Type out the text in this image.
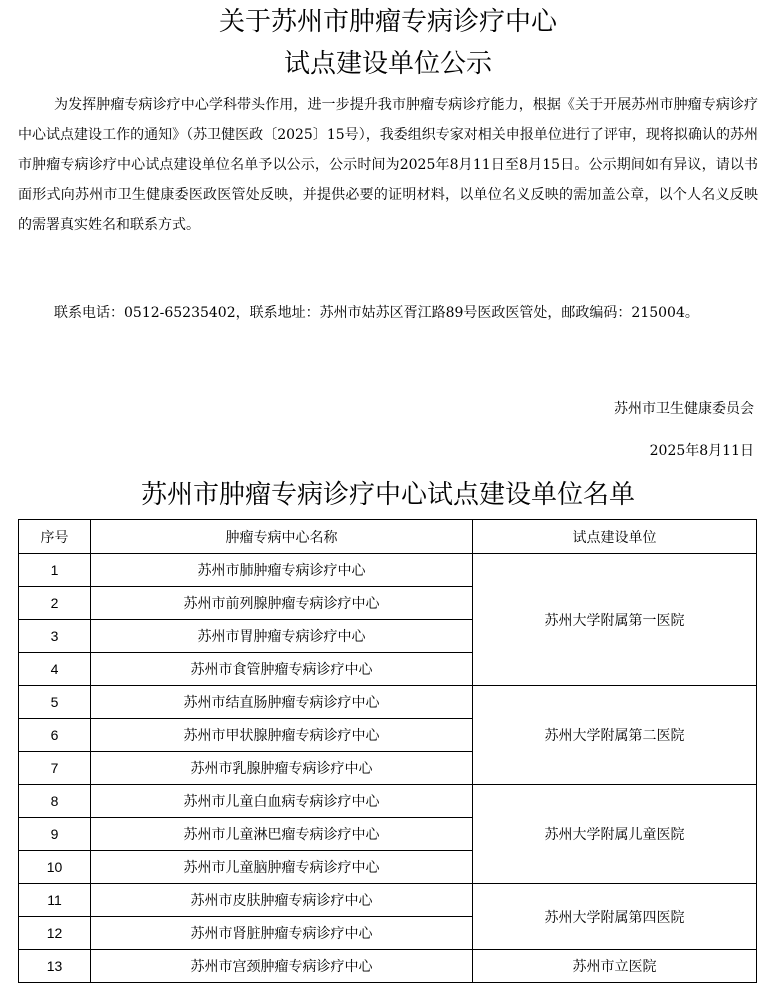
关于苏州市肿瘤专病诊疗中心
试点建设单位公示

为发挥肿瘤专病诊疗中心学科带头作用，进一步提升我市肿瘤专病诊疗能力，根据《关于开展苏州市肿瘤专病诊疗中心试点建设工作的通知》（苏卫健医政〔2025〕15号），我委组织专家对相关申报单位进行了评审，现将拟确认的苏州市肿瘤专病诊疗中心试点建设单位名单予以公示，公示时间为2025年8月11日至8月15日。公示期间如有异议，请以书面形式向苏州市卫生健康委医政医管处反映，并提供必要的证明材料，以单位名义反映的需加盖公章，以个人名义反映的需署真实姓名和联系方式。

联系电话：0512-65235402，联系地址：苏州市姑苏区胥江路89号医政医管处，邮政编码：215004。

苏州市卫生健康委员会

2025年8月11日

苏州市肿瘤专病诊疗中心试点建设单位名单
序号	肿瘤专病中心名称	试点建设单位
1	苏州市肺肿瘤专病诊疗中心	苏州大学附属第一医院
2	苏州市前列腺肿瘤专病诊疗中心	
3	苏州市胃肿瘤专病诊疗中心	
4	苏州市食管肿瘤专病诊疗中心	
5	苏州市结直肠肿瘤专病诊疗中心	苏州大学附属第二医院
6	苏州市甲状腺肿瘤专病诊疗中心	
7	苏州市乳腺肿瘤专病诊疗中心	
8	苏州市儿童白血病专病诊疗中心	苏州大学附属儿童医院
9	苏州市儿童淋巴瘤专病诊疗中心	
10	苏州市儿童脑肿瘤专病诊疗中心	
11	苏州市皮肤肿瘤专病诊疗中心	苏州大学附属第四医院
12	苏州市肾脏肿瘤专病诊疗中心	
13	苏州市宫颈肿瘤专病诊疗中心	苏州市立医院
